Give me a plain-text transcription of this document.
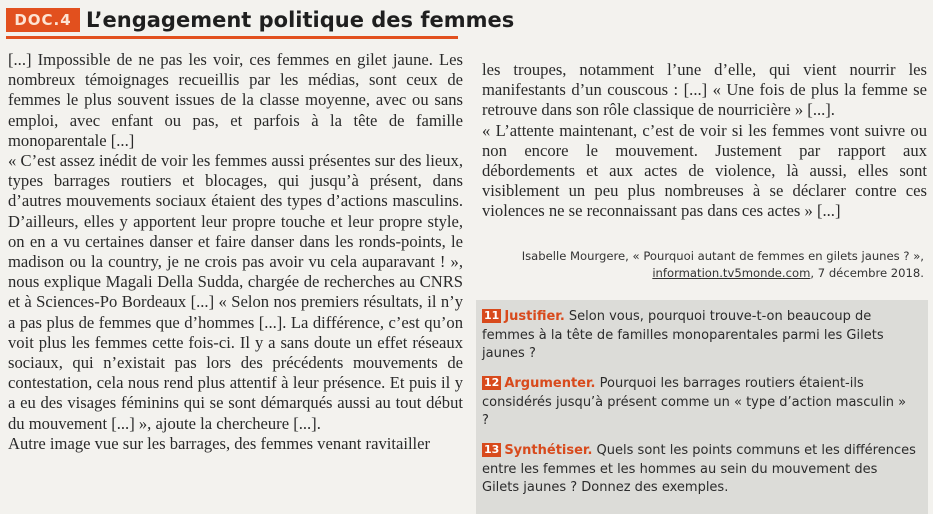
DOC.4 L’engagement politique des femmes

[...] Impossible de ne pas les voir, ces femmes en gilet jaune. Les nombreux témoignages recueillis par les médias, sont ceux de femmes le plus souvent issues de la classe moyenne, avec ou sans emploi, avec enfant ou pas, et parfois à la tête de famille monoparentale [...]

« C’est assez inédit de voir les femmes aussi présentes sur des lieux, types barrages routiers et blocages, qui jusqu’à présent, dans d’autres mouvements sociaux étaient des types d’actions masculins. D’ailleurs, elles y apportent leur propre touche et leur propre style, on en a vu certaines danser et faire danser dans les ronds-points, le madison ou la country, je ne crois pas avoir vu cela auparavant ! », nous explique Magali Della Sudda, chargée de recherches au CNRS et à Sciences-Po Bordeaux [...] « Selon nos premiers résultats, il n’y a pas plus de femmes que d’hommes [...]. La différence, c’est qu’on voit plus les femmes cette fois-ci. Il y a sans doute un effet réseaux sociaux, qui n’existait pas lors des précédents mouvements de contestation, cela nous rend plus attentif à leur présence. Et puis il y a eu des visages féminins qui se sont démarqués aussi au tout début du mouvement [...] », ajoute la chercheure [...].

Autre image vue sur les barrages, des femmes venant ravitailler

les troupes, notamment l’une d’elle, qui vient nourrir les manifestants d’un couscous : [...] « Une fois de plus la femme se retrouve dans son rôle classique de nourricière » [...].

« L’attente maintenant, c’est de voir si les femmes vont suivre ou non encore le mouvement. Justement par rapport aux débordements et aux actes de violence, là aussi, elles sont visiblement un peu plus nombreuses à se déclarer contre ces violences ne se reconnaissant pas dans ces actes » [...]

Isabelle Mourgere, « Pourquoi autant de femmes en gilets jaunes ? »,
information.tv5monde.com, 7 décembre 2018.
11 Justifier. Selon vous, pourquoi trouve-t-on beaucoup de femmes à la tête de familles monoparentales parmi les Gilets jaunes ?
12 Argumenter. Pourquoi les barrages routiers étaient-ils considérés jusqu’à présent comme un « type d’action masculin » ?
13 Synthétiser. Quels sont les points communs et les différences entre les femmes et les hommes au sein du mouvement des Gilets jaunes ? Donnez des exemples.
